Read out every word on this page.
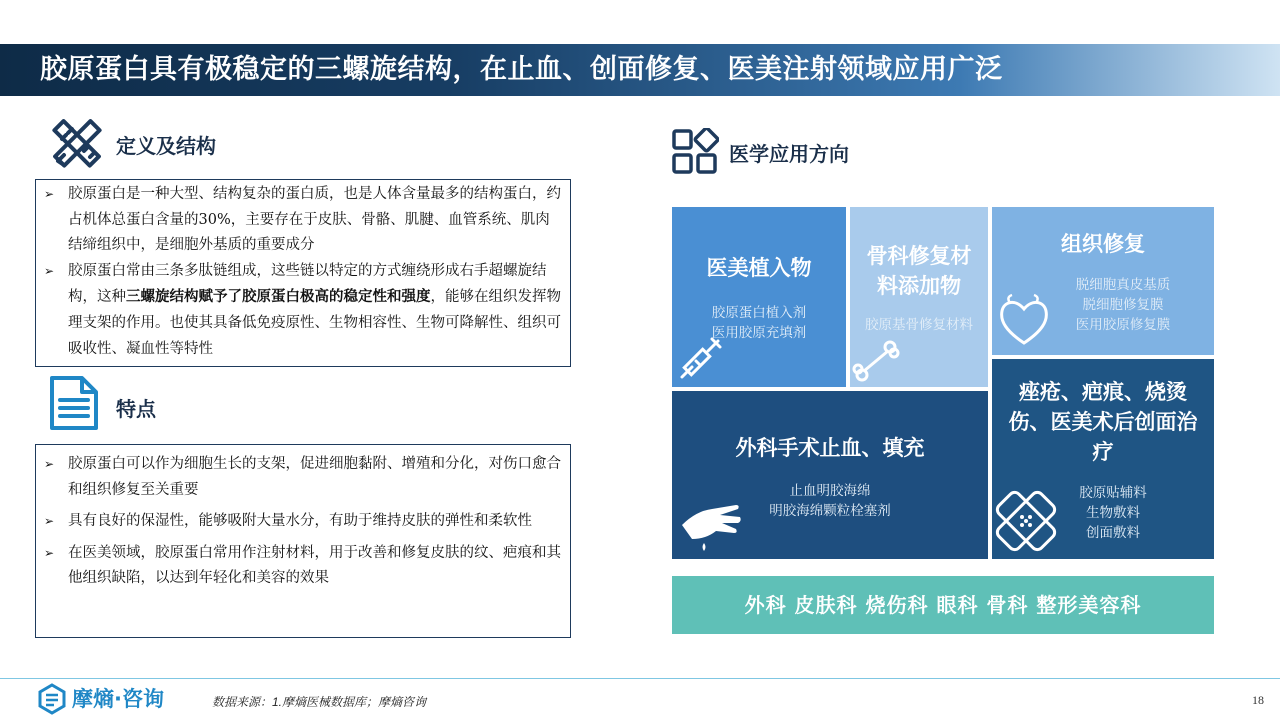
胶原蛋白具有极稳定的三螺旋结构，在止血、创面修复、医美注射领域应用广泛
定义及结构
➢ 胶原蛋白是一种大型、结构复杂的蛋白质，也是人体含量最多的结构蛋白，约占机体总蛋白含量的30%，主要存在于皮肤、骨骼、肌腱、血管系统、肌肉结缔组织中，是细胞外基质的重要成分
➢ 胶原蛋白常由三条多肽链组成，这些链以特定的方式缠绕形成右手超螺旋结构，这种三螺旋结构赋予了胶原蛋白极高的稳定性和强度，能够在组织发挥物理支架的作用。也使其具备低免疫原性、生物相容性、生物可降解性、组织可吸收性、凝血性等特性
特点
➢ 胶原蛋白可以作为细胞生长的支架，促进细胞黏附、增殖和分化，对伤口愈合和组织修复至关重要
➢ 具有良好的保湿性，能够吸附大量水分，有助于维持皮肤的弹性和柔软性
➢ 在医美领域，胶原蛋白常用作注射材料，用于改善和修复皮肤的纹、疤痕和其他组织缺陷，以达到年轻化和美容的效果
医学应用方向
医美植入物
胶原蛋白植入剂
医用胶原充填剂
骨科修复材料添加物
胶原基骨修复材料
组织修复
脱细胞真皮基质
脱细胞修复膜
医用胶原修复膜
外科手术止血、填充
止血明胶海绵
明胶海绵颗粒栓塞剂
痤疮、疤痕、烧烫伤、医美术后创面治疗
胶原贴辅料
生物敷料
创面敷料
外科 皮肤科 烧伤科 眼科 骨科 整形美容科
摩熵·咨询	数据来源：1.摩熵医械数据库；摩熵咨询	18
